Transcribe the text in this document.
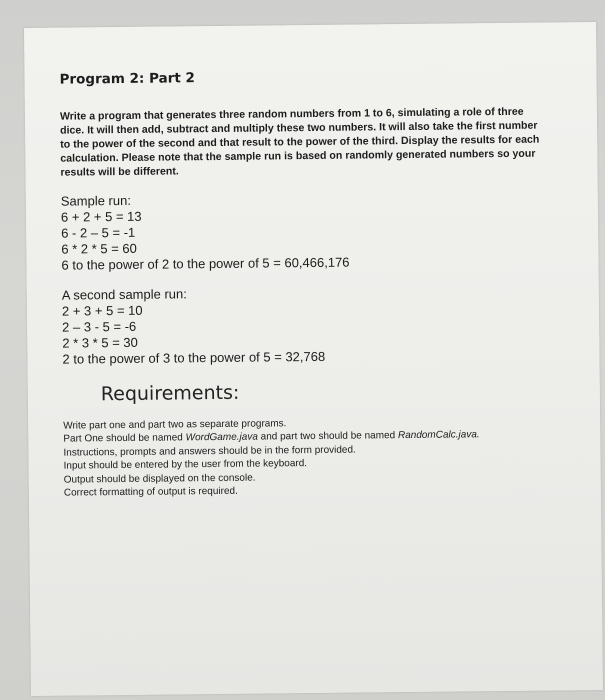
Program 2: Part 2
Write a program that generates three random numbers from 1 to 6, simulating a role of three dice. It will then add, subtract and multiply these two numbers. It will also take the first number to the power of the second and that result to the power of the third. Display the results for each calculation. Please note that the sample run is based on randomly generated numbers so your results will be different.
Sample run:
6 + 2 + 5 = 13
6 - 2 – 5 = -1
6 * 2 * 5 = 60
6 to the power of 2 to the power of 5 = 60,466,176
A second sample run:
2 + 3 + 5 = 10
2 – 3 - 5 = -6
2 * 3 * 5 = 30
2 to the power of 3 to the power of 5 = 32,768
Requirements:
Write part one and part two as separate programs.
Part One should be named WordGame.java and part two should be named RandomCalc.java.
Instructions, prompts and answers should be in the form provided.
Input should be entered by the user from the keyboard.
Output should be displayed on the console.
Correct formatting of output is required.
